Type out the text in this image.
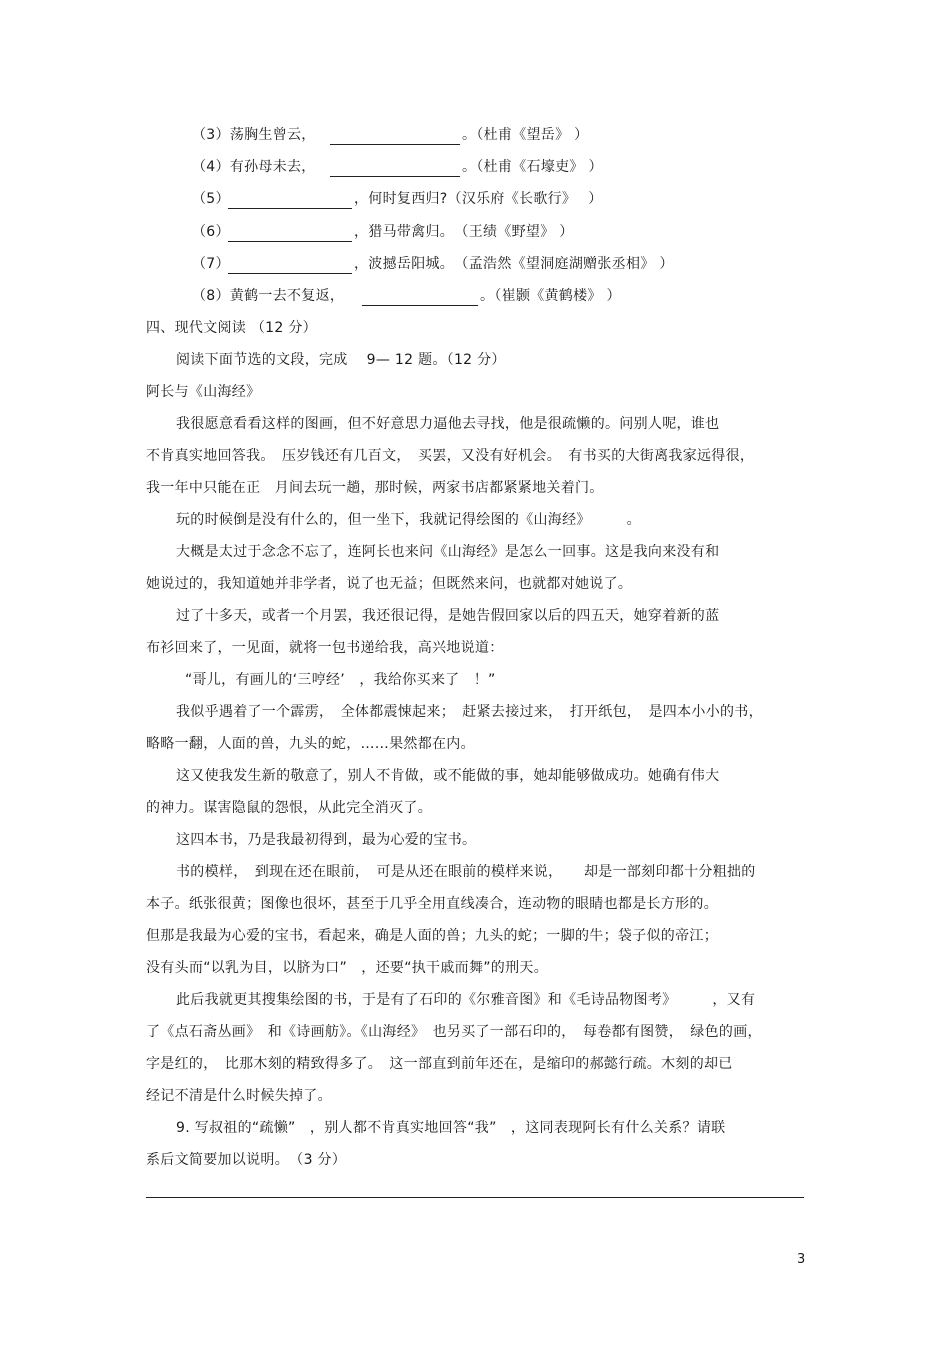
（3）荡胸生曾云，	。（杜甫《望岳》 ）
（4）有孙母未去，	。（杜甫《石壕吏》 ）
（5）	，何时复西归?（汉乐府《长歌行》　 ）
（6）	，猎马带禽归。　 （王绩《野望》 ）
（7）	，波撼岳阳城。　 （孟浩然《望洞庭湖赠张丞相》 ）
（8）黄鹤一去不复返，	。（崔颢《黄鹤楼》 ）
四、现代文阅读 （12 分）
阅读下面节选的文段，完成　 9— 12 题。（12 分）
阿长与《山海经》
我很愿意看看这样的图画，但不好意思力逼他去寻找，他是很疏懒的。问别人呢，谁也
不肯真实地回答我。　压岁钱还有几百文，　买罢，又没有好机会。　有书买的大街离我家远得很，
我一年中只能在正　月间去玩一趟，那时候，两家书店都紧紧地关着门。
玩的时候倒是没有什么的，但一坐下，我就记得绘图的《山海经》　　　。
大概是太过于念念不忘了，连阿长也来问《山海经》是怎么一回事。这是我向来没有和
她说过的，我知道她并非学者，说了也无益；但既然来问，也就都对她说了。
过了十多天，或者一个月罢，我还很记得，是她告假回家以后的四五天，她穿着新的蓝
布衫回来了，一见面，就将一包书递给我，高兴地说道：
“哥儿，有画儿的‘三哼经’　，我给你买来了　！”
我似乎遇着了一个霹雳，　全体都震悚起来；　赶紧去接过来，　打开纸包，　是四本小小的书，
略略一翻，人面的兽，九头的蛇，……果然都在内。
这又使我发生新的敬意了，别人不肯做，或不能做的事，她却能够做成功。她确有伟大
的神力。谋害隐鼠的怨恨，从此完全消灭了。
这四本书，乃是我最初得到，最为心爱的宝书。
书的模样，　到现在还在眼前，　可是从还在眼前的模样来说，　　却是一部刻印都十分粗拙的
本子。纸张很黄；图像也很坏，甚至于几乎全用直线凑合，连动物的眼睛也都是长方形的。
但那是我最为心爱的宝书，看起来，确是人面的兽；九头的蛇；一脚的牛；袋子似的帝江；
没有头而“以乳为目，以脐为口”　，还要“执干戚而舞”的刑天。
此后我就更其搜集绘图的书，于是有了石印的《尔雅音图》和《毛诗品物图考》　　　，又有
了《点石斋丛画》　和《诗画舫》。《山海经》　也另买了一部石印的，　每卷都有图赞，　绿色的画，
字是红的，　比那木刻的精致得多了。　这一部直到前年还在，是缩印的郝懿行疏。木刻的却已
经记不清是什么时候失掉了。
9. 写叔祖的“疏懒”　，别人都不肯真实地回答“我”　，这同表现阿长有什么关系？请联
系后文简要加以说明。　（3 分）
3
